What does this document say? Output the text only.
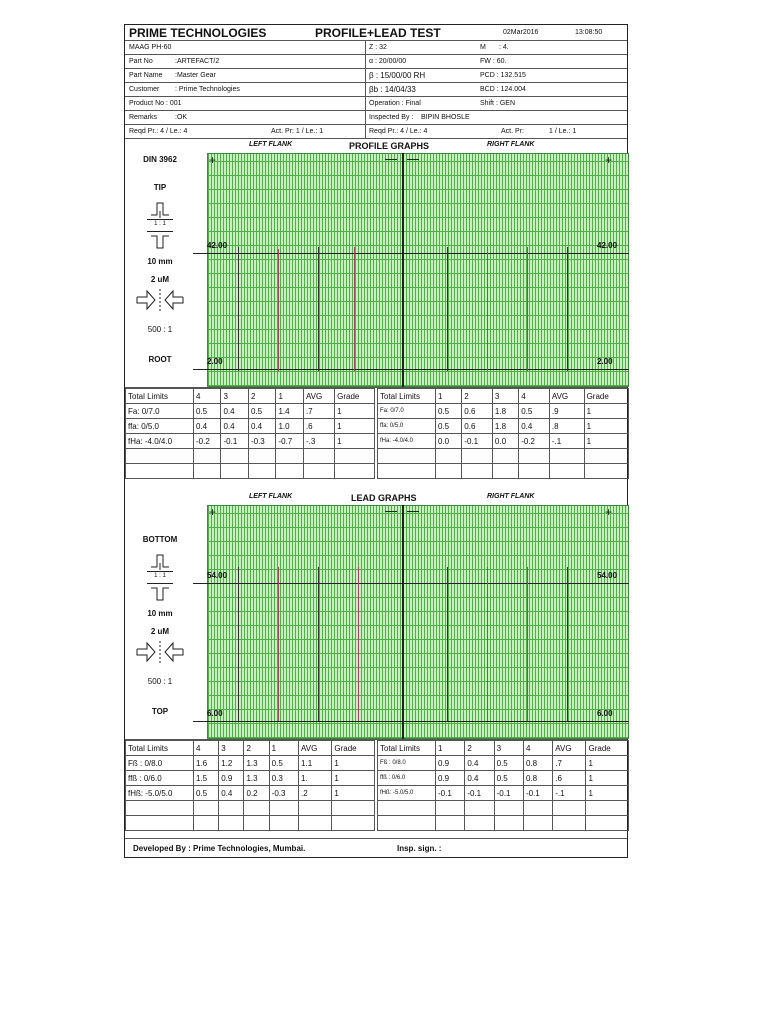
PRIME TECHNOLOGIES	PROFILE+LEAD TEST	02Mar2016	13:08:50
MAAG PH-60	Z : 32	M : 4.
Part No	:ARTEFACT/2	α : 20/00/00	FW : 60.
Part Name :Master Gear	β : 15/00/00 RH	PCD : 132.515
Customer : Prime Technologies	βb : 14/04/33	BCD : 124.004
Product No : 001	Operation : Final	Shift : GEN
Remarks	:OK	Inspected By : BIPIN BHOSLE
Reqd Pr.: 4 / Le.: 4	Act. Pr: 1 / Le.: 1	Reqd Pr.: 4 / Le.: 4	Act. Pr:	1 / Le.: 1
LEFT FLANK	PROFILE GRAPHS	RIGHT FLANK
DIN 3962
TIP
1 : 1
10 mm
2 uM
500 : 1
ROOT
+	+
42.00	42.00
2.00	2.00
Total Limits	4	3	2	1	AVG	Grade
Fa: 0/7.0	0.5	0.4	0.5	1.4	.7	1
ffa: 0/5.0	0.4	0.4	0.4	1.0	.6	1
fHa: -4.0/4.0	-0.2	-0.1	-0.3	-0.7	-.3	1

Total Limits	1	2	3	4	AVG	Grade
Fa: 0/7.0	0.5	0.6	1.8	0.5	.9	1
ffa: 0/5.0	0.5	0.6	1.8	0.4	.8	1
fHa: -4.0/4.0	0.0	-0.1	0.0	-0.2	-.1	1

LEFT FLANK	LEAD GRAPHS	RIGHT FLANK
BOTTOM
1 : 1
10 mm
2 uM
500 : 1
TOP
+	+
54.00	54.00
6.00	6.00
Total Limits	4	3	2	1	AVG	Grade
Fß : 0/8.0	1.6	1.2	1.3	0.5	1.1	1
ffß : 0/6.0	1.5	0.9	1.3	0.3	1.	1
fHß: -5.0/5.0	0.5	0.4	0.2	-0.3	.2	1

Total Limits	1	2	3	4	AVG	Grade
Fß : 0/8.0	0.9	0.4	0.5	0.8	.7	1
ffß : 0/6.0	0.9	0.4	0.5	0.8	.6	1
fHß: -5.0/5.0	-0.1	-0.1	-0.1	-0.1	-.1	1

Developed By : Prime Technologies, Mumbai.	Insp. sign. :
